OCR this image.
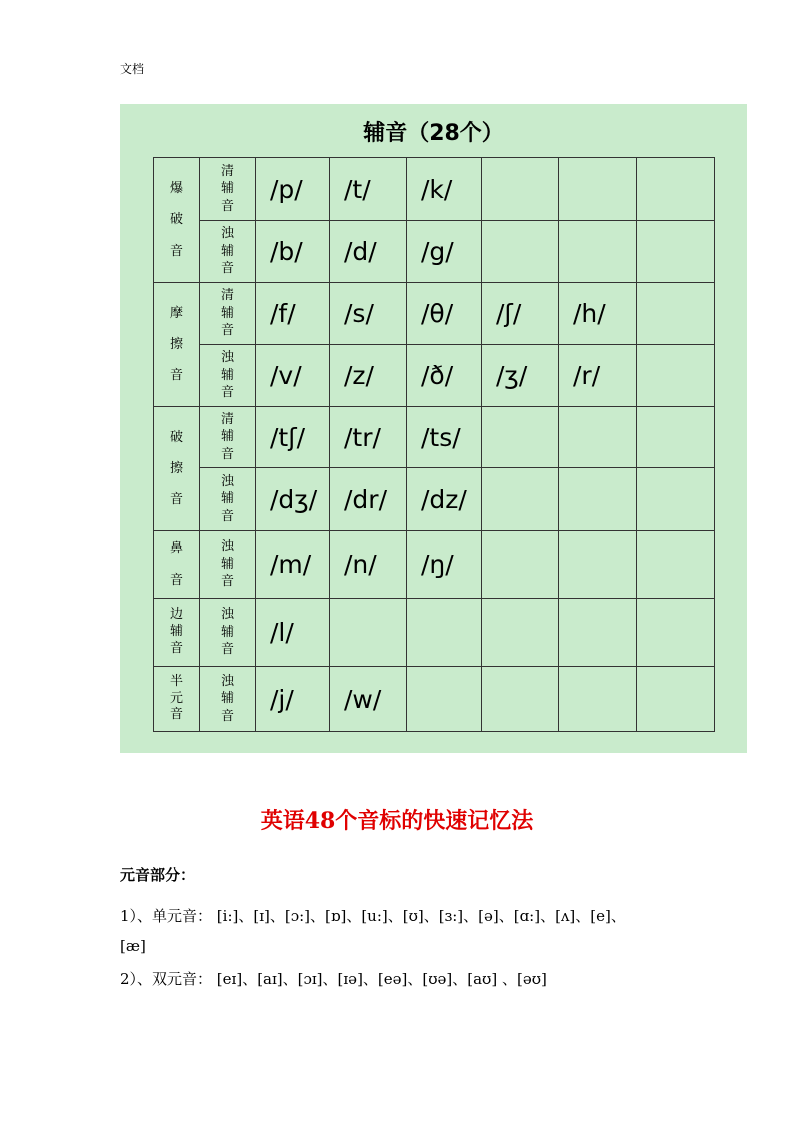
文档
辅音（28个）
爆
破
音	清
辅
音	/p/	/t/	/k/			
	浊
辅
音	/b/	/d/	/g/			
摩
擦
音	清
辅
音	/f/	/s/	/θ/	/ʃ/	/h/	
	浊
辅
音	/v/	/z/	/ð/	/ʒ/	/r/	
破
擦
音	清
辅
音	/tʃ/	/tr/	/ts/			
	浊
辅
音	/dʒ/	/dr/	/dz/			
鼻
音	浊
辅
音	/m/	/n/	/ŋ/			
边
辅
音	浊
辅
音	/l/					
半
元
音	浊
辅
音	/j/	/w/				
英语48个音标的快速记忆法
元音部分：
1）、单元音： [i:]、[ɪ]、[ɔ:]、[ɒ]、[u:]、[ʊ]、[ɜ:]、[ə]、[ɑ:]、[ʌ]、[e]、
[æ]
2）、双元音： [eɪ]、[aɪ]、[ɔɪ]、[ɪə]、[eə]、[ʊə]、[aʊ] 、[əʊ]
